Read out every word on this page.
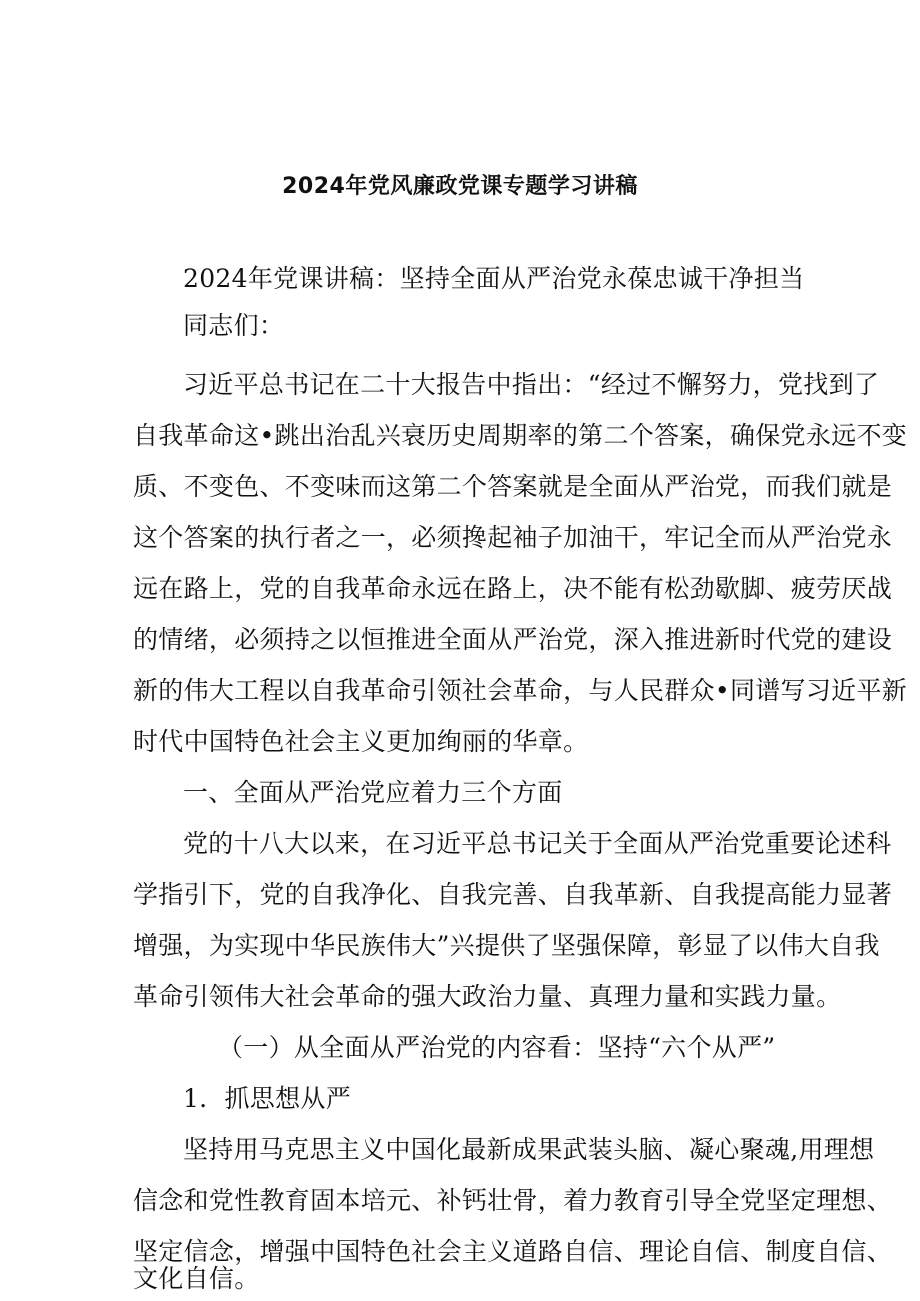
2024年党风廉政党课专题学习讲稿
2024年党课讲稿：坚持全面从严治党永葆忠诚干净担当
同志们：
习近平总书记在二十大报告中指出：“经过不懈努力，党找到了
自我革命这•跳出治乱兴衰历史周期率的第二个答案，确保党永远不变
质、不变色、不变味而这第二个答案就是全面从严治党，而我们就是
这个答案的执行者之一，必须搀起袖子加油干，牢记全而从严治党永
远在路上，党的自我革命永远在路上，决不能有松劲歇脚、疲劳厌战
的情绪，必须持之以恒推进全面从严治党，深入推进新时代党的建设
新的伟大工程以自我革命引领社会革命，与人民群众•同谱写习近平新
时代中国特色社会主义更加绚丽的华章。
一、全面从严治党应着力三个方面
党的十八大以来，在习近平总书记关于全面从严治党重要论述科
学指引下，党的自我净化、自我完善、自我革新、自我提高能力显著
增强，为实现中华民族伟大”兴提供了坚强保障，彰显了以伟大自我
革命引领伟大社会革命的强大政治力量、真理力量和实践力量。
（一）从全面从严治党的内容看：坚持“六个从严”
1．抓思想从严
坚持用马克思主义中国化最新成果武装头脑、凝心聚魂,用理想
信念和党性教育固本培元、补钙壮骨，着力教育引导全党坚定理想、
坚定信念，增强中国特色社会主义道路自信、理论自信、制度自信、
文化自信。
